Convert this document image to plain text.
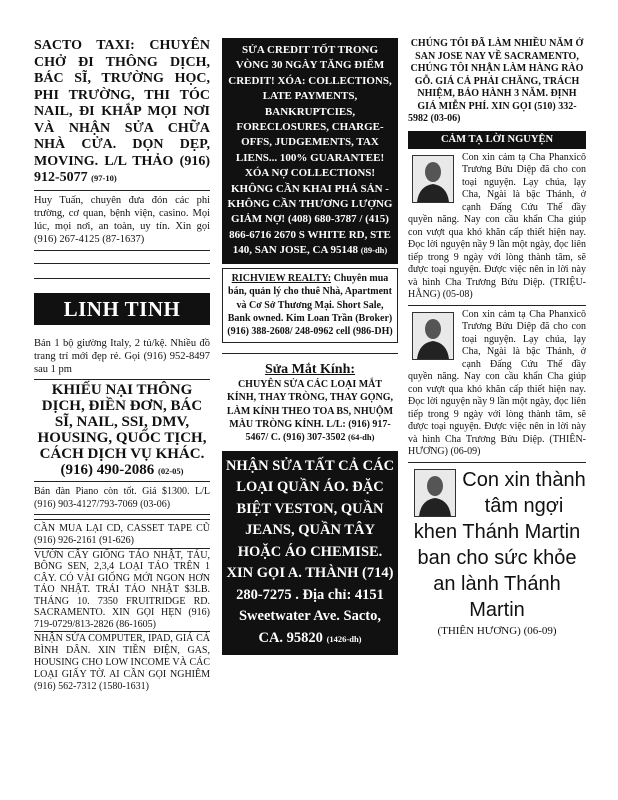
SACTO TAXI: CHUYÊN CHỞ ĐI THÔNG DỊCH, BÁC SĨ, TRƯỜNG HỌC, PHI TRƯỜNG, THI TÓC NAIL, ĐI KHẮP MỌI NƠI VÀ NHẬN SỬA CHỮA NHÀ CỬA. DỌN DẸP, MOVING. L/L THẢO (916) 912-5077 (97-10)
Huy Tuấn, chuyên đưa đón các phi trường, cơ quan, bệnh viện, casino. Mọi lúc, mọi nơi, an toàn, uy tín. Xin gọi (916) 267-4125 (87-1637)
LINH TINH
Bán 1 bộ giường Italy, 2 tủ/kệ. Nhiều đồ trang trí mới đẹp rẻ. Gọi (916) 952-8497 sau 1 pm
KHIẾU NẠI THÔNG DỊCH, ĐIỀN ĐƠN, BÁC SĨ, NAIL, SSI, DMV, HOUSING, QUỐC TỊCH, CÁCH DỊCH VỤ KHÁC.
(916) 490-2086 (02-05)
Bán đàn Piano còn tốt. Giá $1300. L/L (916) 903-4127/793-7069 (03-06)
CẦN MUA LẠI CD, CASSET TAPE CŨ (916) 926-2161 (91-626)
VƯỜN CÂY GIỐNG TÁO NHẬT, TÁU, BÔNG SEN, 2,3,4 LOẠI TÁO TRÊN 1 CÂY. CÓ VÀI GIỐNG MỚI NGON HƠN TÁO NHẬT. TRÁI TÁO NHẬT $3LB. THÁNG 10. 7350 FRUITRIDGE RD. SACRAMENTO. XIN GỌI HẸN (916) 719-0729/813-2826 (86-1605)
NHẬN SỬA COMPUTER, IPAD, GIÁ CẢ BÌNH DÂN. XIN TIỀN ĐIỆN, GAS, HOUSING CHO LOW INCOME VÀ CÁC LOẠI GIẤY TỜ. AI CẦN GỌI NGHIÊM (916) 562-7312 (1580-1631)
SỬA CREDIT TỐT TRONG VÒNG 30 NGÀY TĂNG ĐIỂM CREDIT! XÓA: COLLECTIONS, LATE PAYMENTS, BANKRUPTCIES, FORECLOSURES, CHARGE-OFFS, JUDGEMENTS, TAX LIENS... 100% GUARANTEE! XÓA NỢ COLLECTIONS! KHÔNG CẦN KHAI PHÁ SẢN - KHÔNG CẦN THƯƠNG LƯỢNG GIẢM NỢ! (408) 680-3787 / (415) 866-6716 2670 S WHITE RD, STE 140, SAN JOSE, CA 95148 (89-dh)
RICHVIEW REALTY: Chuyên mua bán, quản lý cho thuê Nhà, Apartment và Cơ Sở Thương Mại. Short Sale, Bank owned. Kim Loan Trần (Broker) (916) 388-2608/ 248-0962 cell (986-DH)
Sửa Mắt Kính:
CHUYÊN SỬA CÁC LOẠI MẮT KÍNH, THAY TRÒNG, THAY GỌNG, LÀM KÍNH THEO TOA BS, NHUỘM MÀU TRÒNG KÍNH. L/L: (916) 917-5467/ C. (916) 307-3502 (64-dh)
NHẬN SỬA TẤT CẢ CÁC LOẠI QUẦN ÁO. ĐẶC BIỆT VESTON, QUẦN JEANS, QUẦN TÂY HOẶC ÁO CHEMISE. XIN GỌI A. THÀNH (714) 280-7275 . Địa chỉ: 4151 Sweetwater Ave. Sacto, CA. 95820 (1426-dh)
CHÚNG TÔI ĐÃ LÀM NHIỀU NĂM Ở SAN JOSE NAY VỀ SACRAMENTO, CHÚNG TÔI NHẬN LÀM HÀNG RÀO GỖ. GIÁ CẢ PHẢI CHĂNG, TRÁCH NHIỆM, BẢO HÀNH 3 NĂM. ĐỊNH GIÁ MIỄN PHÍ. XIN GỌI (510) 332-5982 (03-06)
CẢM TẠ LỜI NGUYỆN
Con xin cảm tạ Cha Phanxicô Trương Bửu Diệp đã cho con toại nguyện. Lạy chúa, lạy Cha, Ngài là bậc Thánh, ở cạnh Đấng Cứu Thế đầy quyền năng. Nay con cầu khẩn Cha giúp con vượt qua khó khăn cấp thiết hiện nay. Đọc lời nguyện nầy 9 lần một ngày, đọc liên tiếp trong 9 ngày với lòng thành tâm, sẽ được toại nguyện. Được việc nên in lời này và hình Cha Trương Bửu Diệp. (TRIỆU-HẰNG) (05-08)
Con xin cảm tạ Cha Phanxicô Trương Bửu Diệp đã cho con toại nguyện. Lạy chúa, lạy Cha, Ngài là bậc Thánh, ở cạnh Đấng Cứu Thế đầy quyền năng. Nay con cầu khẩn Cha giúp con vượt qua khó khăn cấp thiết hiện nay. Đọc lời nguyện nầy 9 lần một ngày, đọc liên tiếp trong 9 ngày với lòng thành tâm, sẽ được toại nguyện. Được việc nên in lời này và hình Cha Trương Bửu Diệp. (THIÊN-HƯƠNG) (06-09)
Con xin thành tâm ngợi khen Thánh Martin ban cho sức khỏe an lành Thánh Martin
(THIÊN HƯƠNG) (06-09)
